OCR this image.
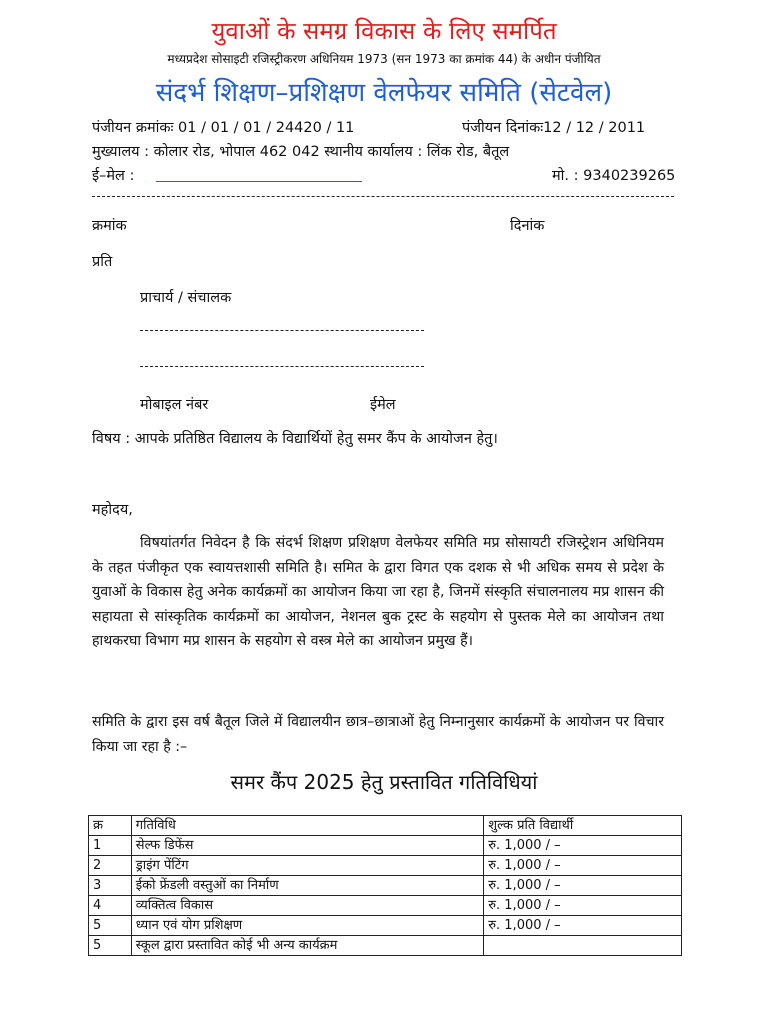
युवाओं के समग्र विकास के लिए समर्पित
मध्यप्रदेश सोसाइटी रजिस्ट्रीकरण अधिनियम 1973 (सन 1973 का क्रमांक 44) के अधीन पंजीयित
संदर्भ शिक्षण–प्रशिक्षण वेलफेयर समिति (सेटवेल)
पंजीयन क्रमांकः 01 / 01 / 01 / 24420 / 11	पंजीयन दिनांकः12 / 12 / 2011
मुख्यालय : कोलार रोड, भोपाल 462 042 स्थानीय कार्यालय : लिंक रोड, बैतूल
ई–मेल :	मो. : 9340239265
क्रमांक	दिनांक
प्रति
प्राचार्य / संचालक
मोबाइल नंबर	ईमेल
विषय : आपके प्रतिष्ठित विद्यालय के विद्यार्थियों हेतु समर कैंप के आयोजन हेतु।
महोदय,
विषयांतर्गत निवेदन है कि संदर्भ शिक्षण प्रशिक्षण वेलफेयर समिति मप्र सोसायटी रजिस्ट्रेशन अधिनियम के तहत पंजीकृत एक स्वायत्तशासी समिति है। समित के द्वारा विगत एक दशक से भी अधिक समय से प्रदेश के युवाओं के विकास हेतु अनेक कार्यक्रमों का आयोजन किया जा रहा है, जिनमें संस्कृति संचालनालय मप्र शासन की सहायता से सांस्कृतिक कार्यक्रमों का आयोजन, नेशनल बुक ट्रस्ट के सहयोग से पुस्तक मेले का आयोजन तथा हाथकरघा विभाग मप्र शासन के सहयोग से वस्त्र मेले का आयोजन प्रमुख हैं।
समिति के द्वारा इस वर्ष बैतूल जिले में विद्यालयीन छात्र–छात्राओं हेतु निम्नानुसार कार्यक्रमों के आयोजन पर विचार किया जा रहा है :–
समर कैंप 2025 हेतु प्रस्तावित गतिविधियां
क्र	गतिविधि	शुल्क प्रति विद्यार्थी
1	सेल्फ डिफेंस	रु. 1,000 / –
2	ड्राइंग पेंटिंग	रु. 1,000 / –
3	ईको फ्रेंडली वस्तुओं का निर्माण	रु. 1,000 / –
4	व्यक्तित्व विकास	रु. 1,000 / –
5	ध्यान एवं योग प्रशिक्षण	रु. 1,000 / –
5	स्कूल द्वारा प्रस्तावित कोई भी अन्य कार्यक्रम	
